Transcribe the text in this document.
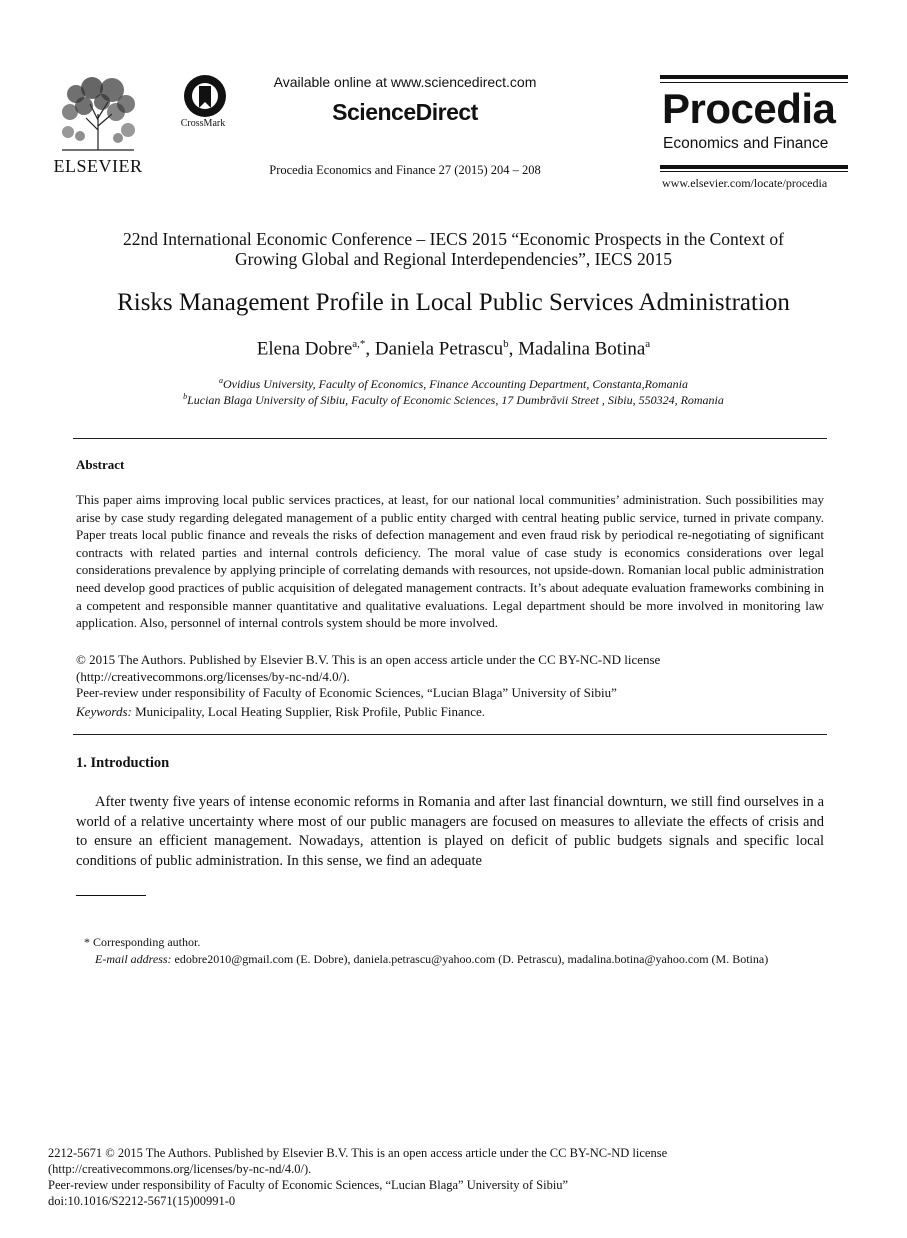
ELSEVIER
CrossMark
Available online at www.sciencedirect.com
ScienceDirect
Procedia Economics and Finance 27 (2015) 204 – 208
Procedia
Economics and Finance
www.elsevier.com/locate/procedia
22nd International Economic Conference – IECS 2015 “Economic Prospects in the Context of
Growing Global and Regional Interdependencies”, IECS 2015
Risks Management Profile in Local Public Services Administration
Elena Dobre$^{a,*}$, Daniela Petrascu$^b$, Madalina Botina$^a$
$^a$Ovidius University, Faculty of Economics, Finance Accounting Department, Constanta,Romania
$^b$Lucian Blaga University of Sibiu, Faculty of Economic Sciences, 17 Dumbrăvii Street , Sibiu, 550324, Romania
Abstract
This paper aims improving local public services practices, at least, for our national local communities’ administration. Such possibilities may arise by case study regarding delegated management of a public entity charged with central heating public service, turned in private company. Paper treats local public finance and reveals the risks of defection management and even fraud risk by periodical re-negotiating of significant contracts with related parties and internal controls deficiency. The moral value of case study is economics considerations over legal considerations prevalence by applying principle of correlating demands with resources, not upside-down. Romanian local public administration need develop good practices of public acquisition of delegated management contracts. It’s about adequate evaluation frameworks combining in a competent and responsible manner quantitative and qualitative evaluations. Legal department should be more involved in monitoring law application. Also, personnel of internal controls system should be more involved.
© 2015 The Authors. Published by Elsevier B.V. This is an open access article under the CC BY-NC-ND license
(http://creativecommons.org/licenses/by-nc-nd/4.0/).
Peer-review under responsibility of Faculty of Economic Sciences, “Lucian Blaga” University of Sibiu”
Keywords: Municipality, Local Heating Supplier, Risk Profile, Public Finance.
1. Introduction
After twenty five years of intense economic reforms in Romania and after last financial downturn, we still find ourselves in a world of a relative uncertainty where most of our public managers are focused on measures to alleviate the effects of crisis and to ensure an efficient management. Nowadays, attention is played on deficit of public budgets signals and specific local conditions of public administration. In this sense, we find an adequate
* Corresponding author.
E-mail address: edobre2010@gmail.com (E. Dobre), daniela.petrascu@yahoo.com (D. Petrascu), madalina.botina@yahoo.com (M. Botina)
2212-5671 © 2015 The Authors. Published by Elsevier B.V. This is an open access article under the CC BY-NC-ND license
(http://creativecommons.org/licenses/by-nc-nd/4.0/).
Peer-review under responsibility of Faculty of Economic Sciences, “Lucian Blaga” University of Sibiu”
doi:10.1016/S2212-5671(15)00991-0
